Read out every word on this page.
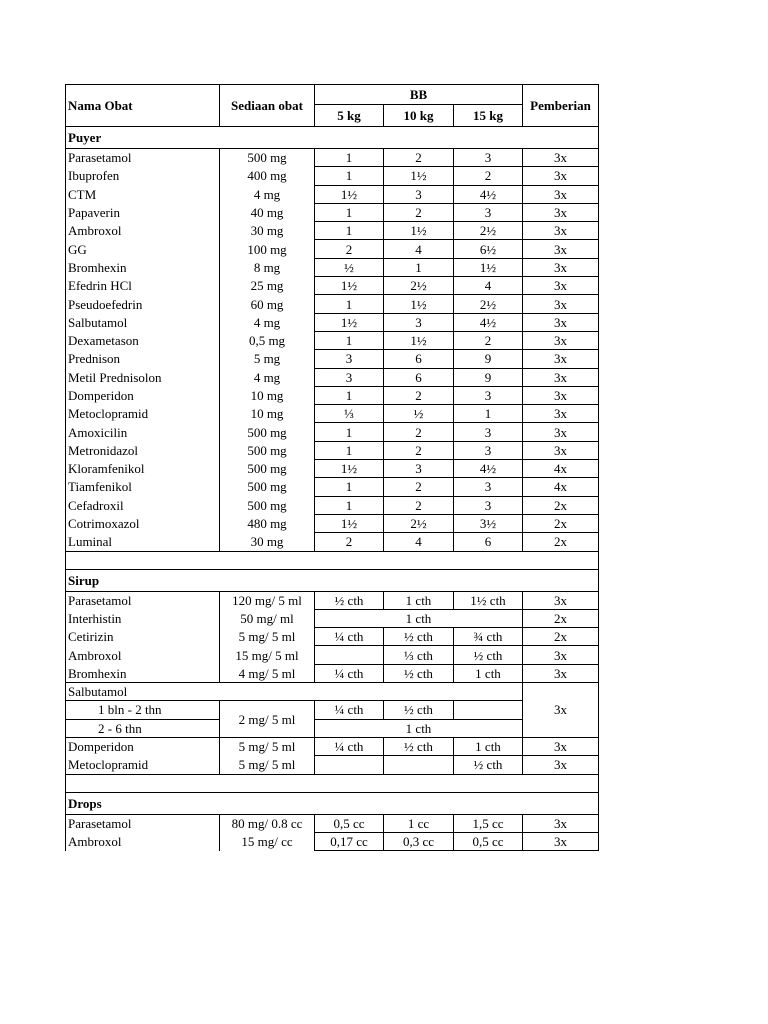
Nama Obat	Sediaan obat	BB			Pemberian
		5 kg	10 kg	15 kg	
Puyer					
Parasetamol	500 mg	1	2	3	3x
Ibuprofen	400 mg	1	1½	2	3x
CTM	4 mg	1½	3	4½	3x
Papaverin	40 mg	1	2	3	3x
Ambroxol	30 mg	1	1½	2½	3x
GG	100 mg	2	4	6½	3x
Bromhexin	8 mg	½	1	1½	3x
Efedrin HCl	25 mg	1½	2½	4	3x
Pseudoefedrin	60 mg	1	1½	2½	3x
Salbutamol	4 mg	1½	3	4½	3x
Dexametason	0,5 mg	1	1½	2	3x
Prednison	5 mg	3	6	9	3x
Metil Prednisolon	4 mg	3	6	9	3x
Domperidon	10 mg	1	2	3	3x
Metoclopramid	10 mg	⅓	½	1	3x
Amoxicilin	500 mg	1	2	3	3x
Metronidazol	500 mg	1	2	3	3x
Kloramfenikol	500 mg	1½	3	4½	4x
Tiamfenikol	500 mg	1	2	3	4x
Cefadroxil	500 mg	1	2	3	2x
Cotrimoxazol	480 mg	1½	2½	3½	2x
Luminal	30 mg	2	4	6	2x

Sirup					
Parasetamol	120 mg/ 5 ml	½ cth	1 cth	1½ cth	3x
Interhistin	50 mg/ ml	1 cth			2x
Cetirizin	5 mg/ 5 ml	¼ cth	½ cth	¾ cth	2x
Ambroxol	15 mg/ 5 ml		⅓ cth	½ cth	3x
Bromhexin	4 mg/ 5 ml	¼ cth	½ cth	1 cth	3x
Salbutamol					3x
1 bln - 2 thn	2 mg/ 5 ml	¼ cth	½ cth		
2 - 6 thn		1 cth			
Domperidon	5 mg/ 5 ml	¼ cth	½ cth	1 cth	3x
Metoclopramid	5 mg/ 5 ml			½ cth	3x

Drops					
Parasetamol	80 mg/ 0.8 cc	0,5 cc	1 cc	1,5 cc	3x
Ambroxol	15 mg/ cc	0,17 cc	0,3 cc	0,5 cc	3x
